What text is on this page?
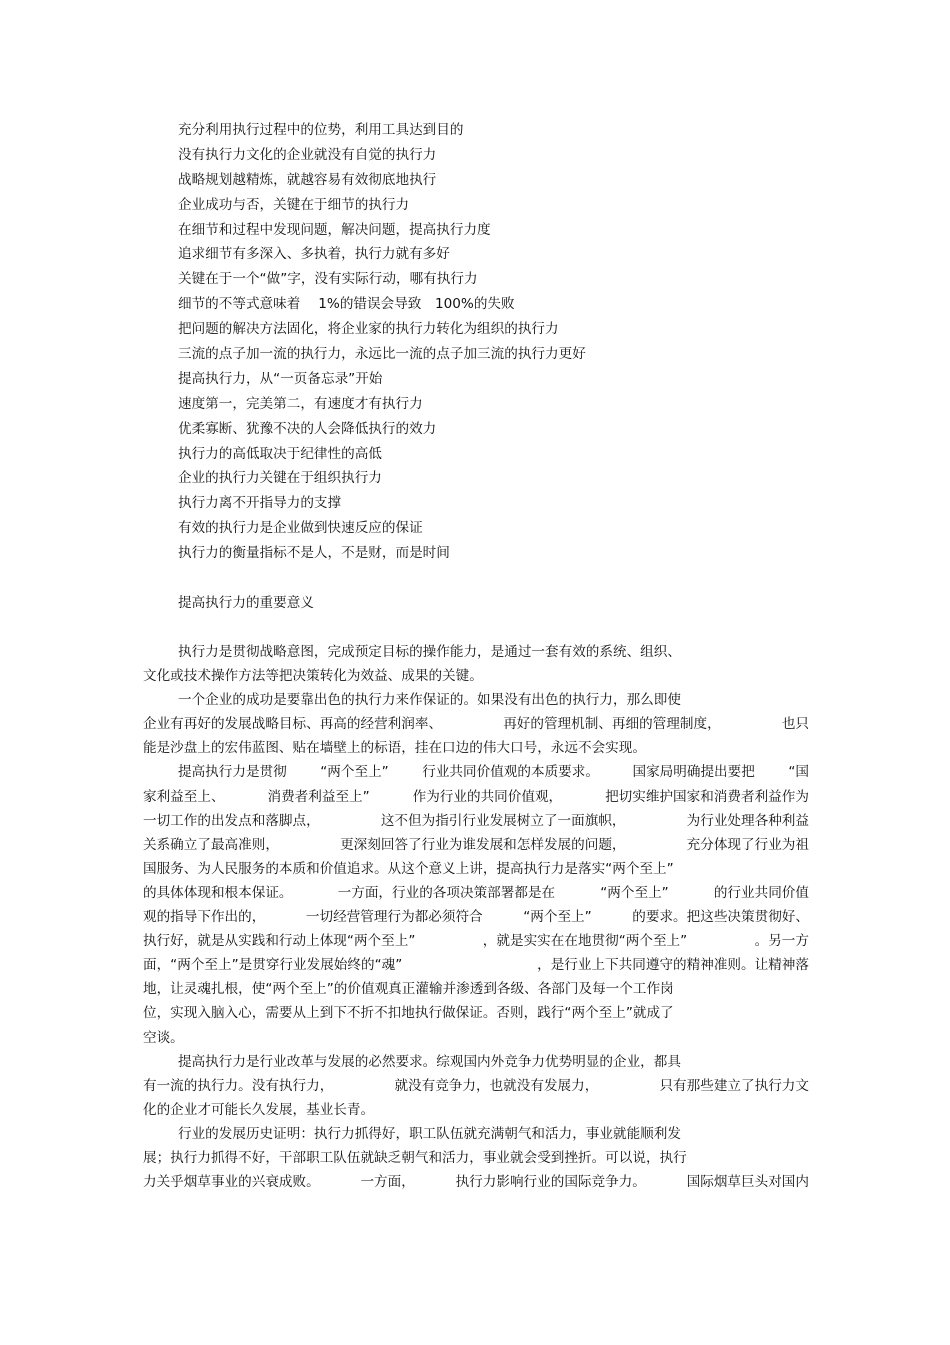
充分利用执行过程中的位势，利用工具达到目的
没有执行力文化的企业就没有自觉的执行力
战略规划越精炼，就越容易有效彻底地执行
企业成功与否，关键在于细节的执行力
在细节和过程中发现问题，解决问题，提高执行力度
追求细节有多深入、多执着，执行力就有多好
关键在于一个“做”字，没有实际行动，哪有执行力
细节的不等式意味着　 1%的错误会导致　100%的失败
把问题的解决方法固化，将企业家的执行力转化为组织的执行力
三流的点子加一流的执行力，永远比一流的点子加三流的执行力更好
提高执行力，从“一页备忘录”开始
速度第一，完美第二，有速度才有执行力
优柔寡断、犹豫不决的人会降低执行的效力
执行力的高低取决于纪律性的高低
企业的执行力关键在于组织执行力
执行力离不开指导力的支撑
有效的执行力是企业做到快速反应的保证
执行力的衡量指标不是人，不是财，而是时间
提高执行力的重要意义
执行力是贯彻战略意图，完成预定目标的操作能力，是通过一套有效的系统、组织、
文化或技术操作方法等把决策转化为效益、成果的关键。
一个企业的成功是要靠出色的执行力来作保证的。如果没有出色的执行力，那么即使
企业有再好的发展战略目标、再高的经营利润率、	再好的管理机制、再细的管理制度，	也只
能是沙盘上的宏伟蓝图、贴在墙壁上的标语，挂在口边的伟大口号，永远不会实现。
提高执行力是贯彻 “两个至上” 行业共同价值观的本质要求。 国家局明确提出要把 “国
家利益至上、	消费者利益至上”	作为行业的共同价值观，	把切实维护国家和消费者利益作为
一切工作的出发点和落脚点，	这不但为指引行业发展树立了一面旗帜，	为行业处理各种利益
关系确立了最高准则，	更深刻回答了行业为谁发展和怎样发展的问题，	充分体现了行业为祖
国服务、为人民服务的本质和价值追求。从这个意义上讲，提高执行力是落实“两个至上”
的具体体现和根本保证。	一方面，行业的各项决策部署都是在	“两个至上”	的行业共同价值
观的指导下作出的，	一切经营管理行为都必须符合	“两个至上”	的要求。把这些决策贯彻好、
执行好，就是从实践和行动上体现“两个至上”	，就是实实在在地贯彻“两个至上”	。另一方
面，“两个至上”是贯穿行业发展始终的“魂”	，是行业上下共同遵守的精神准则。让精神落
地，让灵魂扎根，使“两个至上”的价值观真正灌输并渗透到各级、各部门及每一个工作岗
位，实现入脑入心，需要从上到下不折不扣地执行做保证。否则，践行“两个至上”就成了
空谈。
提高执行力是行业改革与发展的必然要求。综观国内外竞争力优势明显的企业，都具
有一流的执行力。没有执行力，	就没有竞争力，也就没有发展力，	只有那些建立了执行力文
化的企业才可能长久发展，基业长青。
行业的发展历史证明：执行力抓得好，职工队伍就充满朝气和活力，事业就能顺利发
展；执行力抓得不好，干部职工队伍就缺乏朝气和活力，事业就会受到挫折。可以说，执行
力关乎烟草事业的兴衰成败。	一方面，	执行力影响行业的国际竞争力。	国际烟草巨头对国内
